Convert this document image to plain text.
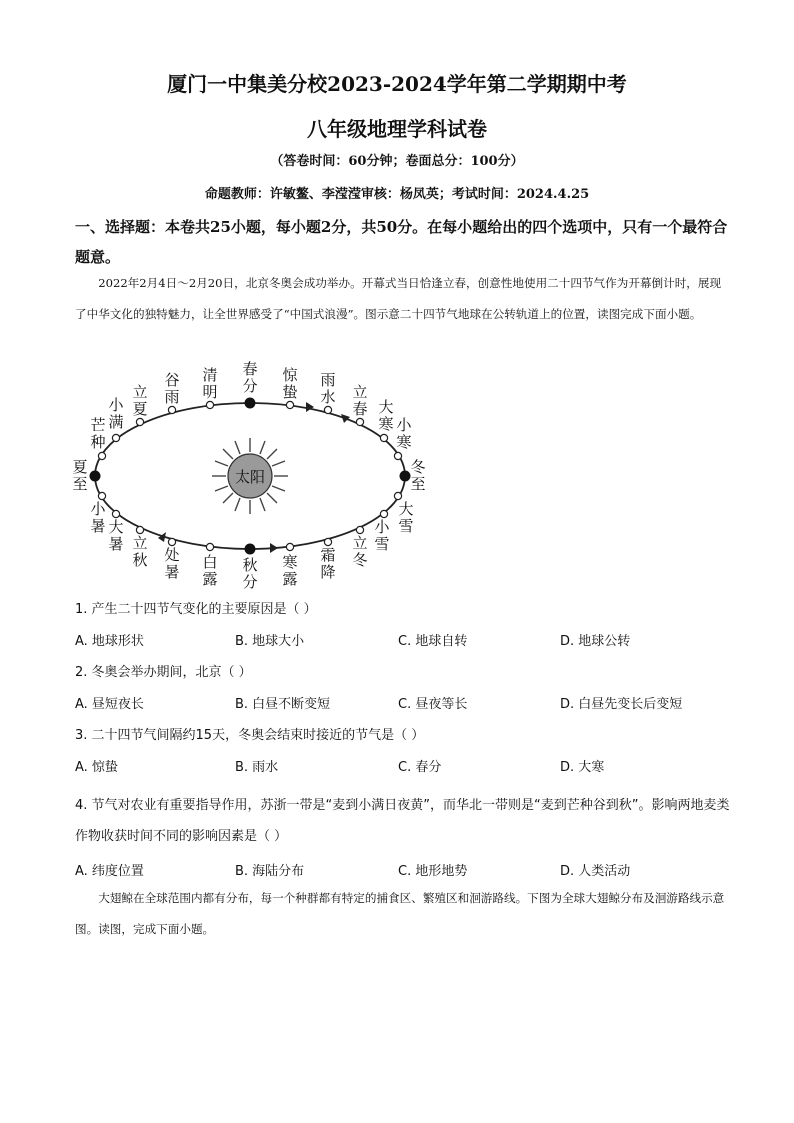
厦门一中集美分校2023-2024学年第二学期期中考
八年级地理学科试卷
（答卷时间：60分钟；卷面总分：100分）
命题教师：许敏鳌、李滢滢审核：杨凤英；考试时间：2024.4.25
一、选择题：本卷共25小题，每小题2分，共50分。在每小题给出的四个选项中，只有一个最符合题意。
2022年2月4日～2月20日，北京冬奥会成功举办。开幕式当日恰逢立春，创意性地使用二十四节气作为开幕倒计时，展现了中华文化的独特魅力，让全世界感受了“中国式浪漫”。图示意二十四节气地球在公转轨道上的位置，读图完成下面小题。
太阳
清明
春分
惊蛰
雨水 立春
谷雨
立夏
小满
芒种
夏至
小暑 大暑 立秋 处暑
白露
秋分
寒露
霜降
立冬
小雪
大雪
冬至
小寒
大寒
1. 产生二十四节气变化的主要原因是（ ）
A. 地球形状	B. 地球大小	C. 地球自转	D. 地球公转
2. 冬奥会举办期间，北京（ ）
A. 昼短夜长	B. 白昼不断变短	C. 昼夜等长	D. 白昼先变长后变短
3. 二十四节气间隔约15天，冬奥会结束时接近的节气是（ ）
A. 惊蛰	B. 雨水	C. 春分	D. 大寒
4. 节气对农业有重要指导作用，苏浙一带是“麦到小满日夜黄”，而华北一带则是“麦到芒种谷到秋”。影响两地麦类作物收获时间不同的影响因素是（ ）
A. 纬度位置	B. 海陆分布	C. 地形地势	D. 人类活动
大翅鲸在全球范围内都有分布，每一个种群都有特定的捕食区、繁殖区和洄游路线。下图为全球大翅鲸分布及洄游路线示意图。读图，完成下面小题。
